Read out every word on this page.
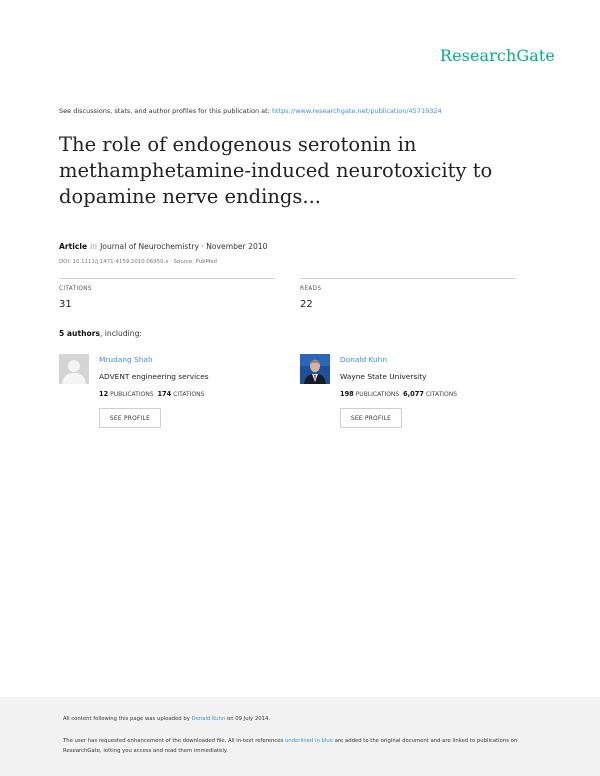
ResearchGate
See discussions, stats, and author profiles for this publication at: https://www.researchgate.net/publication/45719324
The role of endogenous serotonin in methamphetamine-induced neurotoxicity to dopamine nerve endings...
Article in Journal of Neurochemistry · November 2010
DOI: 10.1111/j.1471-4159.2010.06950.x · Source: PubMed
CITATIONS
31
READS
22
5 authors, including:
Mrudang Shah
ADVENT engineering services
12 PUBLICATIONS 174 CITATIONS
SEE PROFILE
Donald Kuhn
Wayne State University
198 PUBLICATIONS 6,077 CITATIONS
SEE PROFILE
All content following this page was uploaded by Donald Kuhn on 09 July 2014.
The user has requested enhancement of the downloaded file. All in-text references underlined in blue are added to the original document and are linked to publications on ResearchGate, letting you access and read them immediately.
